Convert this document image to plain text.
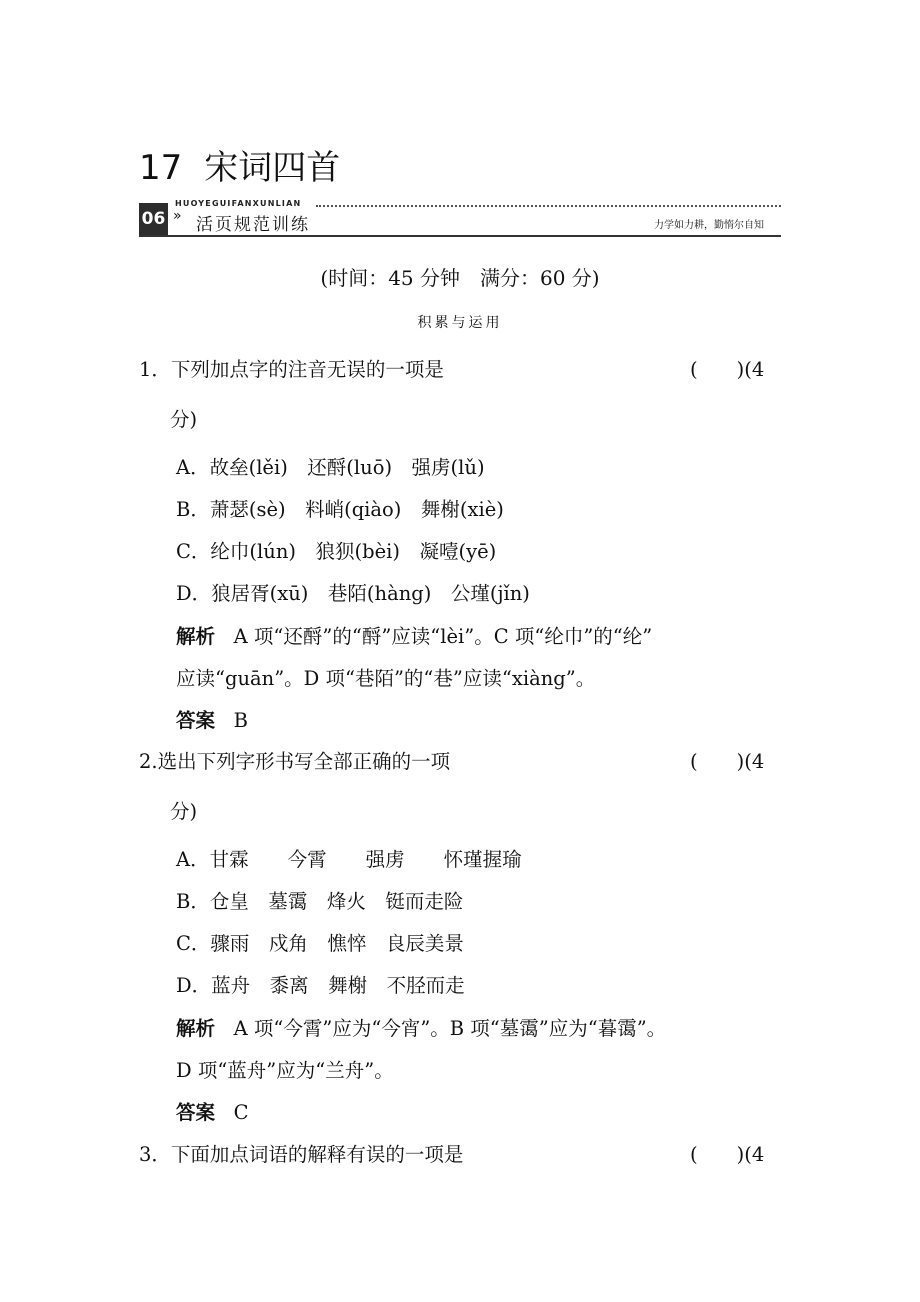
17 宋词四首
HUOYEGUIFANXUNLIAN
06 » 活页规范训练	力学如力耕，勤惰尔自知
(时间：45 分钟　满分：60 分)
积累与运用
1．下列加点字的注音无误的一项是	(　　)(4
分)
A．故垒(lěi)　还酹(luō)　强虏(lǔ)
B．萧瑟(sè)　料峭(qiào)　舞榭(xiè)
C．纶巾(lún)　狼狈(bèi)　凝噎(yē)
D．狼居胥(xū)　巷陌(hàng)　公瑾(jǐn)
解析 A 项“还酹”的“酹”应读“lèi”。C 项“纶巾”的“纶”
应读“guān”。D 项“巷陌”的“巷”应读“xiàng”。
答案 B
2.选出下列字形书写全部正确的一项	(　　)(4
分)
A．甘霖　　今霄　　强虏　　怀瑾握瑜
B．仓皇　墓霭　烽火　铤而走险
C．骤雨　戍角　憔悴　良辰美景
D．蓝舟　黍离　舞榭　不胫而走
解析 A 项“今霄”应为“今宵”。B 项“墓霭”应为“暮霭”。
D 项“蓝舟”应为“兰舟”。
答案 C
3．下面加点词语的解释有误的一项是	(　　)(4
